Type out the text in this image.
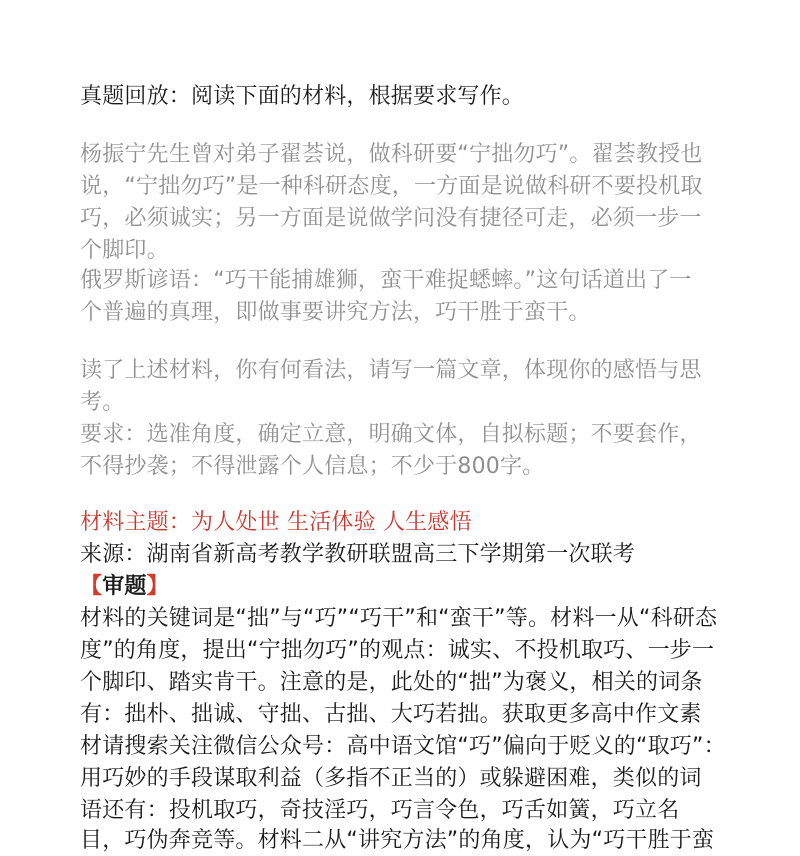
真题回放：阅读下面的材料，根据要求写作。
杨振宁先生曾对弟子翟荟说，做科研要“宁拙勿巧”。翟荟教授也
说，“宁拙勿巧”是一种科研态度，一方面是说做科研不要投机取
巧，必须诚实；另一方面是说做学问没有捷径可走，必须一步一
个脚印。
俄罗斯谚语：“巧干能捕雄狮，蛮干难捉蟋蟀。”这句话道出了一
个普遍的真理，即做事要讲究方法，巧干胜于蛮干。
读了上述材料，你有何看法，请写一篇文章，体现你的感悟与思
考。
要求：选准角度，确定立意，明确文体，自拟标题；不要套作，
不得抄袭；不得泄露个人信息；不少于800字。
材料主题：为人处世 生活体验 人生感悟
来源：湖南省新高考教学教研联盟高三下学期第一次联考
【审题】
材料的关键词是“拙”与“巧”“巧干”和“蛮干”等。材料一从“科研态
度”的角度，提出“宁拙勿巧”的观点：诚实、不投机取巧、一步一
个脚印、踏实肯干。注意的是，此处的“拙”为褒义，相关的词条
有：拙朴、拙诚、守拙、古拙、大巧若拙。获取更多高中作文素
材请搜索关注微信公众号：高中语文馆“巧”偏向于贬义的“取巧”：
用巧妙的手段谋取利益（多指不正当的）或躲避困难，类似的词
语还有：投机取巧，奇技淫巧，巧言令色，巧舌如簧，巧立名
目，巧伪奔竞等。材料二从“讲究方法”的角度，认为“巧干胜于蛮
